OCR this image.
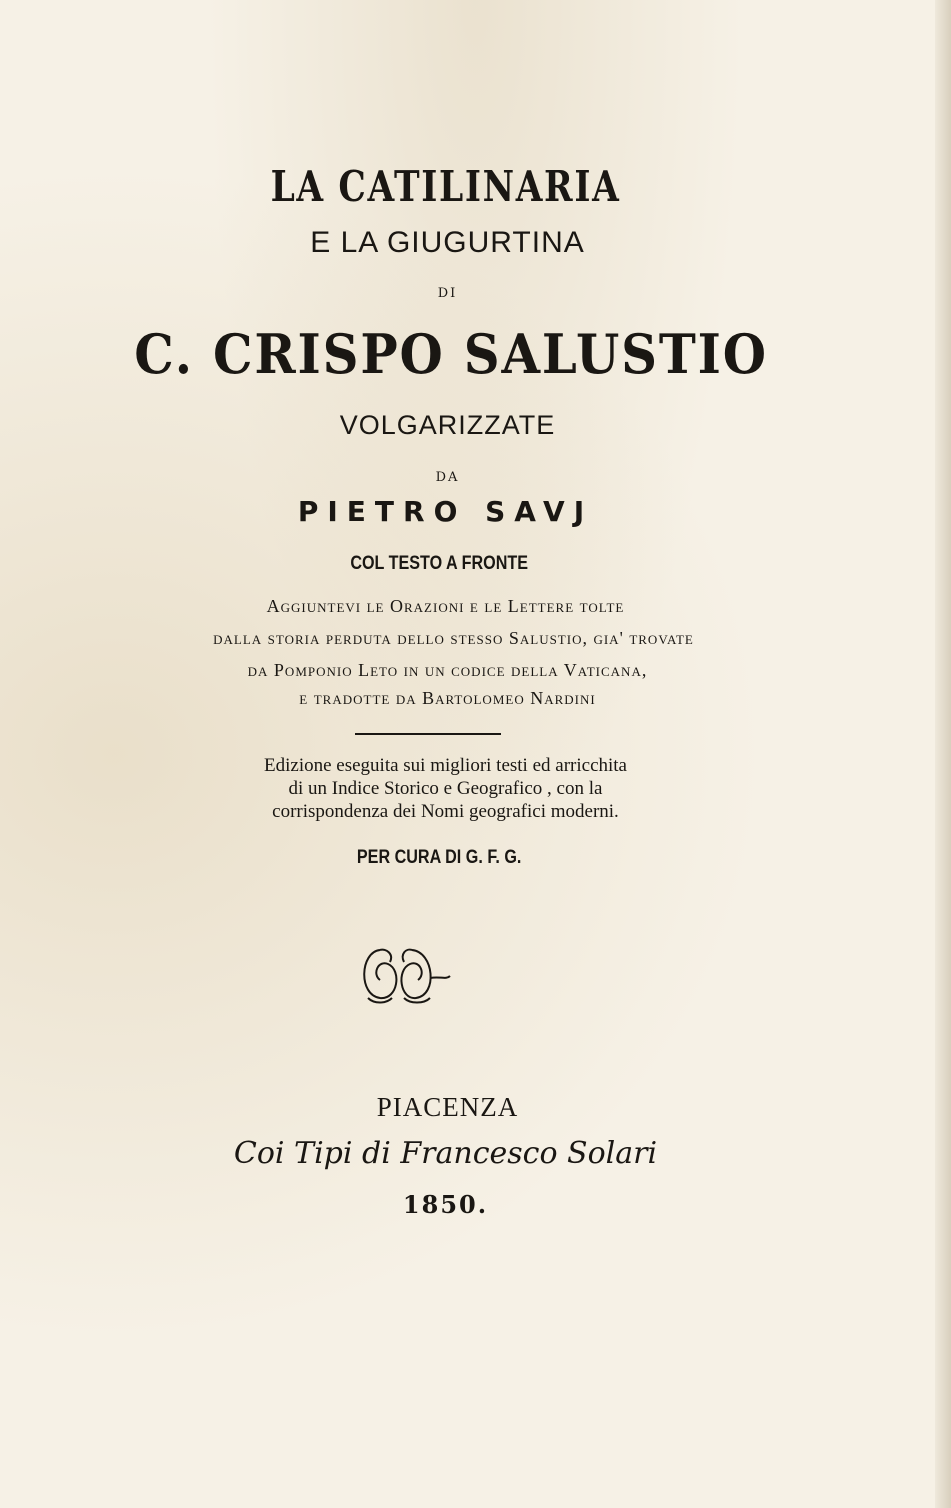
LA CATILINARIA
E LA GIUGURTINA
DI
C. CRISPO SALUSTIO
VOLGARIZZATE
DA
PIETRO SAVJ
COL TESTO A FRONTE
Aggiuntevi le Orazioni e le Lettere tolte
dalla storia perduta dello stesso Salustio, gia' trovate
da Pomponio Leto in un codice della Vaticana,
e tradotte da Bartolomeo Nardini
Edizione eseguita sui migliori testi ed arricchita
di un Indice Storico e Geografico , con la
corrispondenza dei Nomi geografici moderni.
PER CURA DI G. F. G.
PIACENZA
Coi Tipi di Francesco Solari
1850.
